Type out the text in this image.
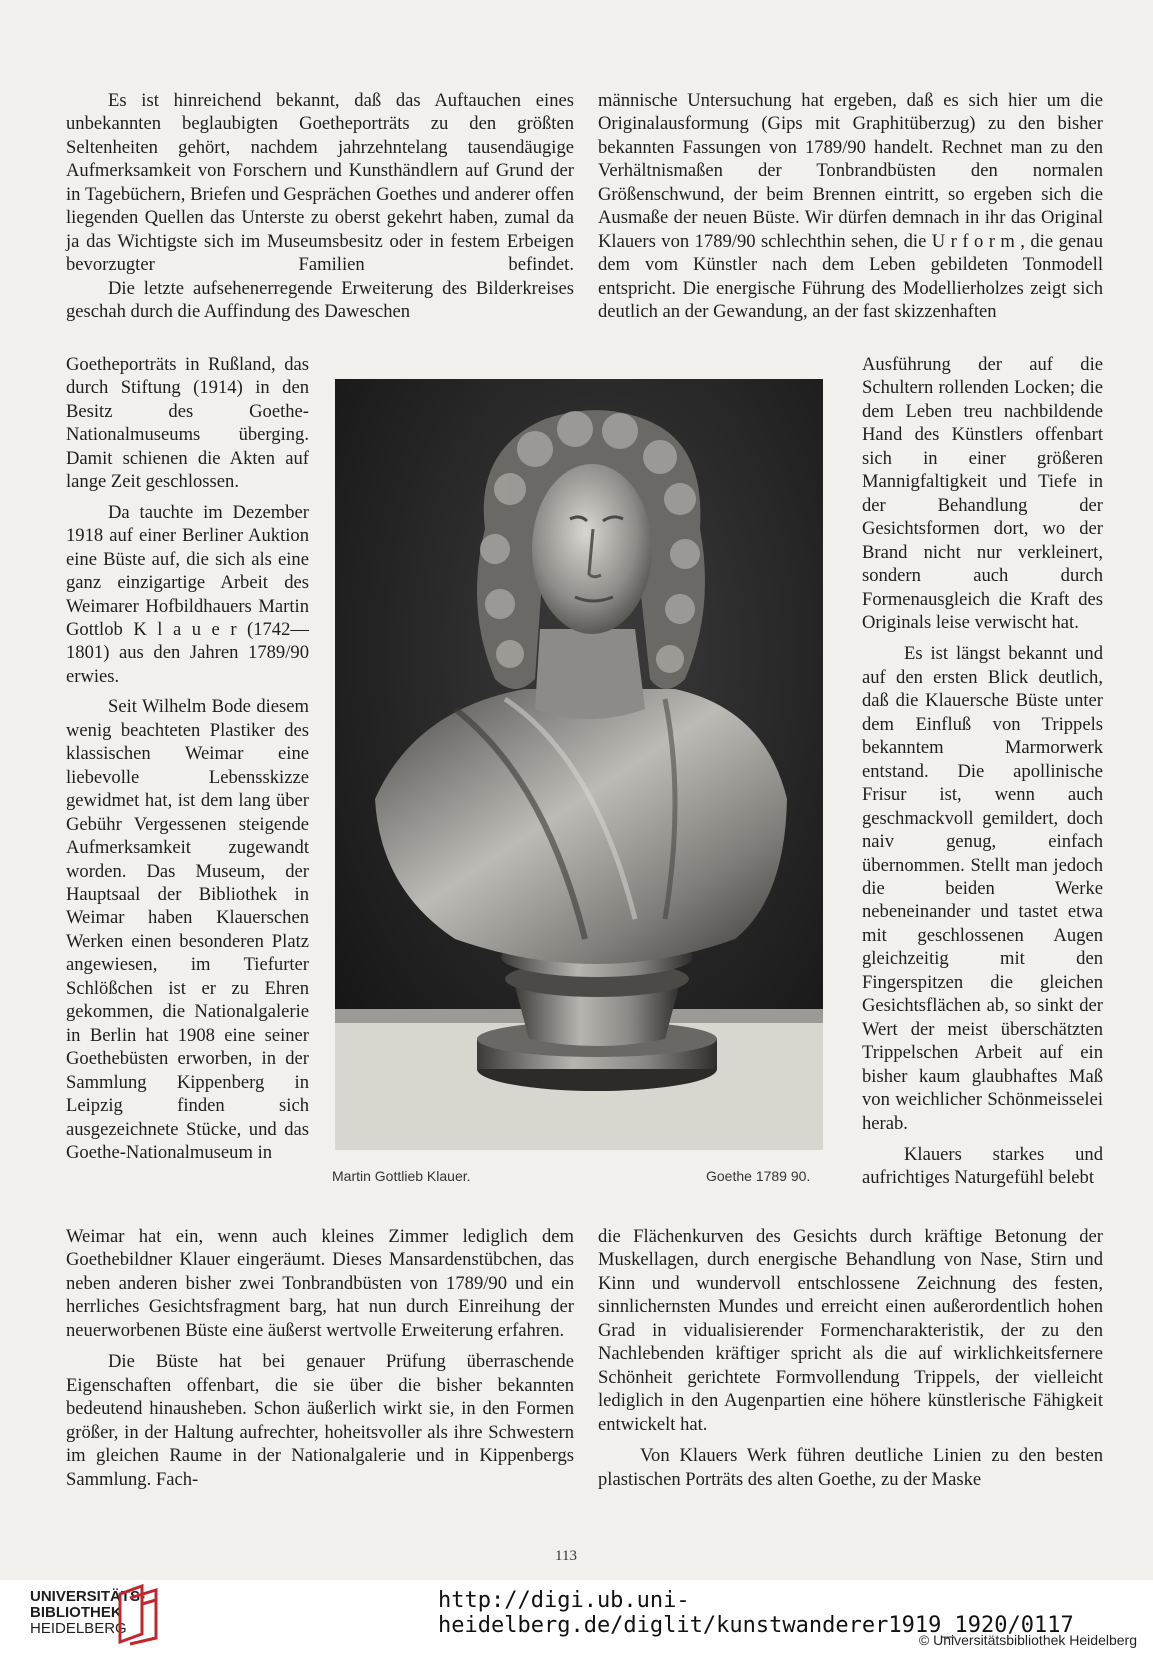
Es ist hinreichend bekannt, daß das Auftauchen eines unbekannten beglaubigten Goetheporträts zu den größten Seltenheiten gehört, nachdem jahrzehntelang tausendäugige Aufmerksamkeit von Forschern und Kunsthändlern auf Grund der in Tagebüchern, Briefen und Gesprächen Goethes und anderer offen liegenden Quellen das Unterste zu oberst gekehrt haben, zumal da ja das Wichtigste sich im Museumsbesitz oder in festem Erbeigen bevorzugter Familien befindet.

Die letzte aufsehenerregende Erweiterung des Bilderkreises geschah durch die Auffindung des Daweschen

Goetheporträts in Rußland, das durch Stiftung (1914) in den Besitz des Goethe-Nationalmuseums überging. Damit schienen die Akten auf lange Zeit geschlossen.

Da tauchte im Dezember 1918 auf einer Berliner Auktion eine Büste auf, die sich als eine ganz einzigartige Arbeit des Weimarer Hofbildhauers Martin Gottlob K l a u e r (1742—1801) aus den Jahren 1789/90 erwies.

Seit Wilhelm Bode diesem wenig beachteten Plastiker des klassischen Weimar eine liebevolle Lebensskizze gewidmet hat, ist dem lang über Gebühr Vergessenen steigende Aufmerksamkeit zugewandt worden. Das Museum, der Hauptsaal der Bibliothek in Weimar haben Klauerschen Werken einen besonderen Platz angewiesen, im Tiefurter Schlößchen ist er zu Ehren gekommen, die Nationalgalerie in Berlin hat 1908 eine seiner Goethebüsten erworben, in der Sammlung Kippenberg in Leipzig finden sich ausgezeichnete Stücke, und das Goethe-Nationalmuseum in

Weimar hat ein, wenn auch kleines Zimmer lediglich dem Goethebildner Klauer eingeräumt. Dieses Mansardenstübchen, das neben anderen bisher zwei Tonbrandbüsten von 1789/90 und ein herrliches Gesichtsfragment barg, hat nun durch Einreihung der neuerworbenen Büste eine äußerst wertvolle Erweiterung erfahren.

Die Büste hat bei genauer Prüfung überraschende Eigenschaften offenbart, die sie über die bisher bekannten bedeutend hinausheben. Schon äußerlich wirkt sie, in den Formen größer, in der Haltung aufrechter, hoheitsvoller als ihre Schwestern im gleichen Raume in der Nationalgalerie und in Kippenbergs Sammlung. Fach-

männische Untersuchung hat ergeben, daß es sich hier um die Originalausformung (Gips mit Graphitüberzug) zu den bisher bekannten Fassungen von 1789/90 handelt. Rechnet man zu den Verhältnismaßen der Tonbrandbüsten den normalen Größenschwund, der beim Brennen eintritt, so ergeben sich die Ausmaße der neuen Büste. Wir dürfen demnach in ihr das Original Klauers von 1789/90 schlechthin sehen, die U r f o r m , die genau dem vom Künstler nach dem Leben gebildeten Tonmodell entspricht. Die energische Führung des Modellierholzes zeigt sich deutlich an der Gewandung, an der fast skizzenhaften

Ausführung der auf die Schultern rollenden Locken; die dem Leben treu nachbildende Hand des Künstlers offenbart sich in einer größeren Mannigfaltigkeit und Tiefe in der Behandlung der Gesichtsformen dort, wo der Brand nicht nur verkleinert, sondern auch durch Formenausgleich die Kraft des Originals leise verwischt hat.

Es ist längst bekannt und auf den ersten Blick deutlich, daß die Klauersche Büste unter dem Einfluß von Trippels bekanntem Marmorwerk entstand. Die apollinische Frisur ist, wenn auch geschmackvoll gemildert, doch naiv genug, einfach übernommen. Stellt man jedoch die beiden Werke nebeneinander und tastet etwa mit geschlossenen Augen gleichzeitig mit den Fingerspitzen die gleichen Gesichtsflächen ab, so sinkt der Wert der meist überschätzten Trippelschen Arbeit auf ein bisher kaum glaubhaftes Maß von weichlicher Schönmeisselei herab.

Klauers starkes und aufrichtiges Naturgefühl belebt

die Flächenkurven des Gesichts durch kräftige Betonung der Muskellagen, durch energische Behandlung von Nase, Stirn und Kinn und wundervoll entschlossene Zeichnung des festen, sinnlichernsten Mundes und erreicht einen außerordentlich hohen Grad in vidualisierender Formencharakteristik, der zu den Nachlebenden kräftiger spricht als die auf wirklichkeitsfernere Schönheit gerichtete Formvollendung Trippels, der vielleicht lediglich in den Augenpartien eine höhere künstlerische Fähigkeit entwickelt hat.

Von Klauers Werk führen deutliche Linien zu den besten plastischen Porträts des alten Goethe, zu der Maske

Martin Gottlieb Klauer.	Goethe 1789 90.
113
UNIVERSITÄTS-
BIBLIOTHEK
HEIDELBERG
http://digi.ub.uni-heidelberg.de/diglit/kunstwanderer1919_1920/0117
© Universitätsbibliothek Heidelberg
